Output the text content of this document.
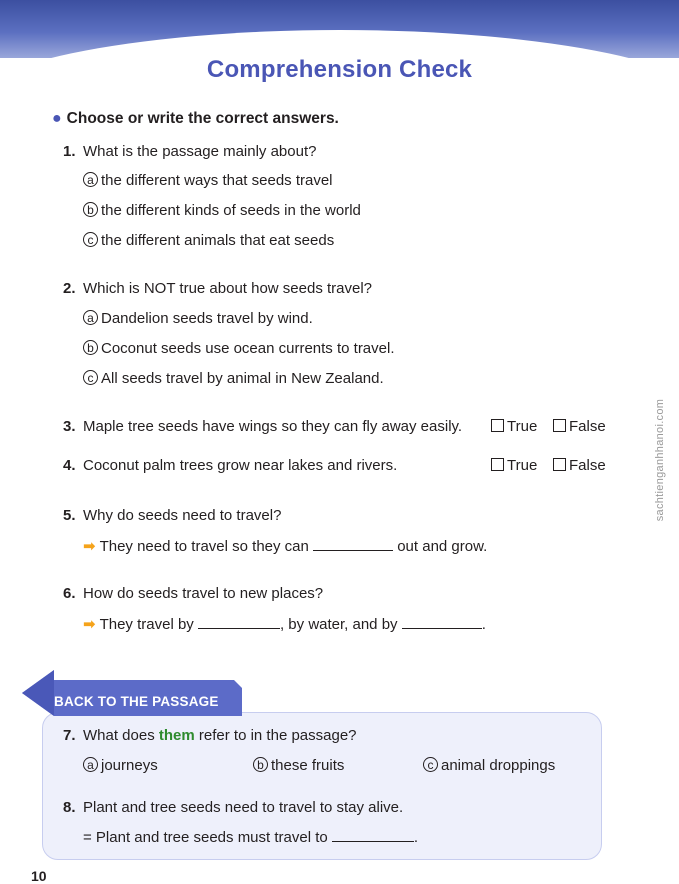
Comprehension Check
● Choose or write the correct answers.
1. What is the passage mainly about?
a the different ways that seeds travel
b the different kinds of seeds in the world
c the different animals that eat seeds
2. Which is NOT true about how seeds travel?
a Dandelion seeds travel by wind.
b Coconut seeds use ocean currents to travel.
c All seeds travel by animal in New Zealand.
3. Maple tree seeds have wings so they can fly away easily.	True	False
4. Coconut palm trees grow near lakes and rivers.	True	False
5. Why do seeds need to travel?
➡ They need to travel so they can	out and grow.
6. How do seeds travel to new places?
➡ They travel by	, by water, and by	.
sachtienganhhanoi.com
BACK TO THE PASSAGE
7. What does them refer to in the passage?
a journeys	b these fruits	c animal droppings
8. Plant and tree seeds need to travel to stay alive.
= Plant and tree seeds must travel to	.
10
